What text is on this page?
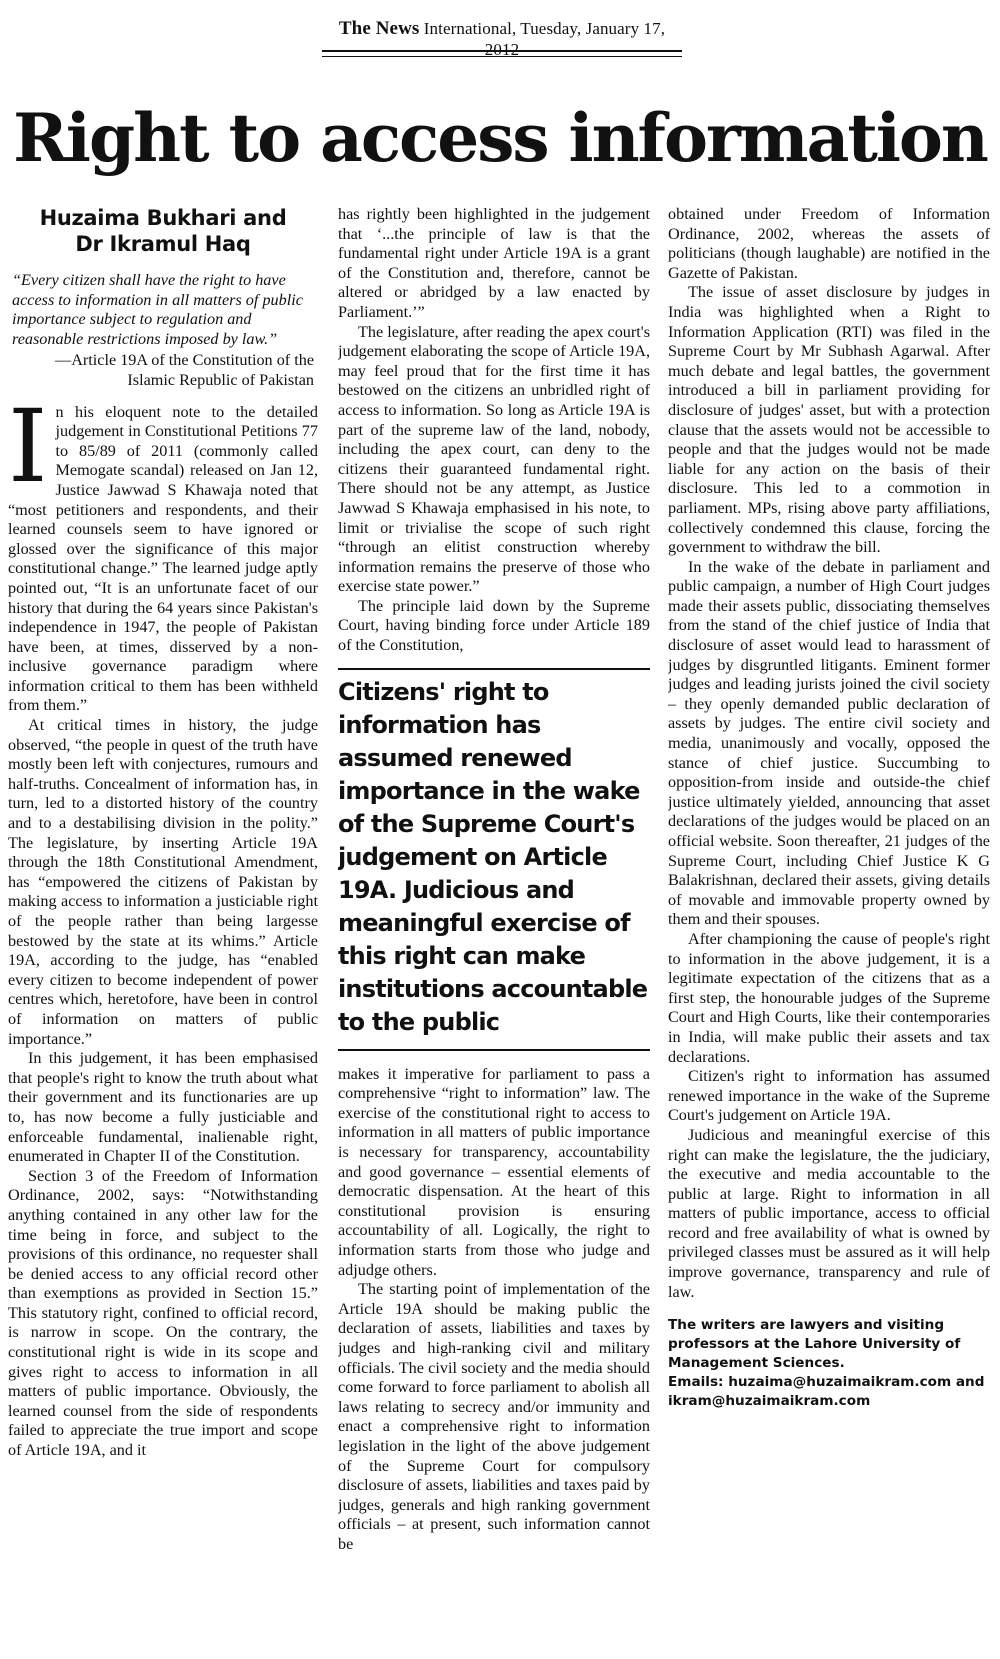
The News International, Tuesday, January 17, 2012
Right to access information
Huzaima Bukhari and
Dr Ikramul Haq
“Every citizen shall have the right to have access to information in all matters of public importance subject to regulation and reasonable restrictions imposed by law.”
—Article 19A of the Constitution of the Islamic Republic of Pakistan

In his eloquent note to the detailed judgement in Constitutional Petitions 77 to 85/89 of 2011 (commonly called Memogate scandal) released on Jan 12, Justice Jawwad S Khawaja noted that “most petitioners and respondents, and their learned counsels seem to have ignored or glossed over the significance of this major constitutional change.” The learned judge aptly pointed out, “It is an unfortunate facet of our history that during the 64 years since Pakistan's independence in 1947, the people of Pakistan have been, at times, disserved by a non-inclusive governance paradigm where information critical to them has been withheld from them.”

At critical times in history, the judge observed, “the people in quest of the truth have mostly been left with conjectures, rumours and half-truths. Concealment of information has, in turn, led to a distorted history of the country and to a destabilising division in the polity.” The legislature, by inserting Article 19A through the 18th Constitutional Amendment, has “empowered the citizens of Pakistan by making access to information a justiciable right of the people rather than being largesse bestowed by the state at its whims.” Article 19A, according to the judge, has “enabled every citizen to become independent of power centres which, heretofore, have been in control of information on matters of public importance.”

In this judgement, it has been emphasised that people's right to know the truth about what their government and its functionaries are up to, has now become a fully justiciable and enforceable fundamental, inalienable right, enumerated in Chapter II of the Constitution.

Section 3 of the Freedom of Information Ordinance, 2002, says: “Notwithstanding anything contained in any other law for the time being in force, and subject to the provisions of this ordinance, no requester shall be denied access to any official record other than exemptions as provided in Section 15.” This statutory right, confined to official record, is narrow in scope. On the contrary, the constitutional right is wide in its scope and gives right to access to information in all matters of public importance. Obviously, the learned counsel from the side of respondents failed to appreciate the true import and scope of Article 19A, and it

has rightly been highlighted in the judgement that ‘...the principle of law is that the fundamental right under Article 19A is a grant of the Constitution and, therefore, cannot be altered or abridged by a law enacted by Parliament.’”

The legislature, after reading the apex court's judgement elaborating the scope of Article 19A, may feel proud that for the first time it has bestowed on the citizens an unbridled right of access to information. So long as Article 19A is part of the supreme law of the land, nobody, including the apex court, can deny to the citizens their guaranteed fundamental right. There should not be any attempt, as Justice Jawwad S Khawaja emphasised in his note, to limit or trivialise the scope of such right “through an elitist construction whereby information remains the preserve of those who exercise state power.”

The principle laid down by the Supreme Court, having binding force under Article 189 of the Constitution,

Citizens' right to information has assumed renewed importance in the wake of the Supreme Court's judgement on Article 19A. Judicious and meaningful exercise of this right can make institutions accountable to the public

makes it imperative for parliament to pass a comprehensive “right to information” law. The exercise of the constitutional right to access to information in all matters of public importance is necessary for transparency, accountability and good governance – essential elements of democratic dispensation. At the heart of this constitutional provision is ensuring accountability of all. Logically, the right to information starts from those who judge and adjudge others.

The starting point of implementation of the Article 19A should be making public the declaration of assets, liabilities and taxes by judges and high-ranking civil and military officials. The civil society and the media should come forward to force parliament to abolish all laws relating to secrecy and/or immunity and enact a comprehensive right to information legislation in the light of the above judgement of the Supreme Court for compulsory disclosure of assets, liabilities and taxes paid by judges, generals and high ranking government officials – at present, such information cannot be

obtained under Freedom of Information Ordinance, 2002, whereas the assets of politicians (though laughable) are notified in the Gazette of Pakistan.

The issue of asset disclosure by judges in India was highlighted when a Right to Information Application (RTI) was filed in the Supreme Court by Mr Subhash Agarwal. After much debate and legal battles, the government introduced a bill in parliament providing for disclosure of judges' asset, but with a protection clause that the assets would not be accessible to people and that the judges would not be made liable for any action on the basis of their disclosure. This led to a commotion in parliament. MPs, rising above party affiliations, collectively condemned this clause, forcing the government to withdraw the bill.

In the wake of the debate in parliament and public campaign, a number of High Court judges made their assets public, dissociating themselves from the stand of the chief justice of India that disclosure of asset would lead to harassment of judges by disgruntled litigants. Eminent former judges and leading jurists joined the civil society – they openly demanded public declaration of assets by judges. The entire civil society and media, unanimously and vocally, opposed the stance of chief justice. Succumbing to opposition-from inside and outside-the chief justice ultimately yielded, announcing that asset declarations of the judges would be placed on an official website. Soon thereafter, 21 judges of the Supreme Court, including Chief Justice K G Balakrishnan, declared their assets, giving details of movable and immovable property owned by them and their spouses.

After championing the cause of people's right to information in the above judgement, it is a legitimate expectation of the citizens that as a first step, the honourable judges of the Supreme Court and High Courts, like their contemporaries in India, will make public their assets and tax declarations.

Citizen's right to information has assumed renewed importance in the wake of the Supreme Court's judgement on Article 19A.

Judicious and meaningful exercise of this right can make the legislature, the the judiciary, the executive and media accountable to the public at large. Right to information in all matters of public importance, access to official record and free availability of what is owned by privileged classes must be assured as it will help improve governance, transparency and rule of law.

The writers are lawyers and visiting professors at the Lahore University of Management Sciences.
Emails: huzaima@huzaimaikram.com and ikram@huzaimaikram.com
